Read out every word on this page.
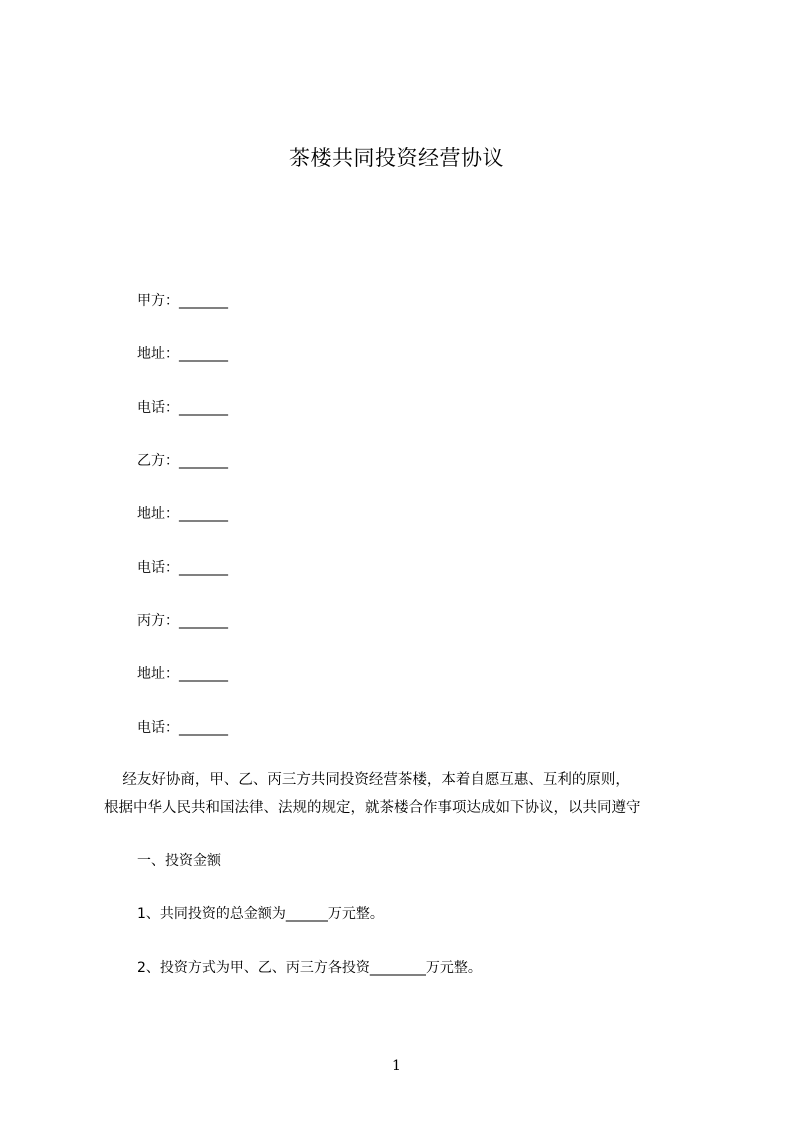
茶楼共同投资经营协议
甲方：_______
地址：_______
电话：_______
乙方：_______
地址：_______
电话：_______
丙方：_______
地址：_______
电话：_______
经友好协商，甲、乙、丙三方共同投资经营茶楼，本着自愿互惠、互利的原则，
根据中华人民共和国法律、法规的规定，就茶楼合作事项达成如下协议，以共同遵守
一、投资金额
1、共同投资的总金额为______万元整。
2、投资方式为甲、乙、丙三方各投资________万元整。
1
